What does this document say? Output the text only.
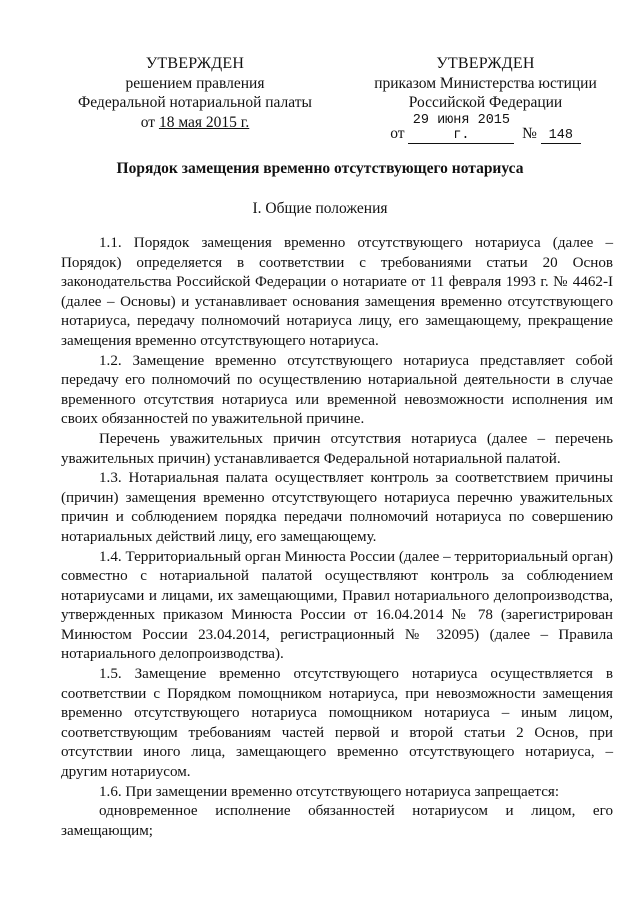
УТВЕРЖДЕН
решением правления
Федеральной нотариальной палаты
от 18 мая 2015 г.
УТВЕРЖДЕН
приказом Министерства юстиции
Российской Федерации
от 29 июня 2015 г.	№ 148
Порядок замещения временно отсутствующего нотариуса
I. Общие положения

1.1. Порядок замещения временно отсутствующего нотариуса (далее – Порядок) определяется в соответствии с требованиями статьи 20 Основ законодательства Российской Федерации о нотариате от 11 февраля 1993 г. № 4462-I (далее – Основы) и устанавливает основания замещения временно отсутствующего нотариуса, передачу полномочий нотариуса лицу, его замещающему, прекращение замещения временно отсутствующего нотариуса.

1.2. Замещение временно отсутствующего нотариуса представляет собой передачу его полномочий по осуществлению нотариальной деятельности в случае временного отсутствия нотариуса или временной невозможности исполнения им своих обязанностей по уважительной причине.

Перечень уважительных причин отсутствия нотариуса (далее – перечень уважительных причин) устанавливается Федеральной нотариальной палатой.

1.3. Нотариальная палата осуществляет контроль за соответствием причины (причин) замещения временно отсутствующего нотариуса перечню уважительных причин и соблюдением порядка передачи полномочий нотариуса по совершению нотариальных действий лицу, его замещающему.

1.4. Территориальный орган Минюста России (далее – территориальный орган) совместно с нотариальной палатой осуществляют контроль за соблюдением нотариусами и лицами, их замещающими, Правил нотариального делопроизводства, утвержденных приказом Минюста России от 16.04.2014 № 78 (зарегистрирован Минюстом России 23.04.2014, регистрационный № 32095) (далее – Правила нотариального делопроизводства).

1.5. Замещение временно отсутствующего нотариуса осуществляется в соответствии с Порядком помощником нотариуса, при невозможности замещения временно отсутствующего нотариуса помощником нотариуса – иным лицом, соответствующим требованиям частей первой и второй статьи 2 Основ, при отсутствии иного лица, замещающего временно отсутствующего нотариуса, – другим нотариусом.

1.6. При замещении временно отсутствующего нотариуса запрещается:

одновременное исполнение обязанностей нотариусом и лицом, его замещающим;
